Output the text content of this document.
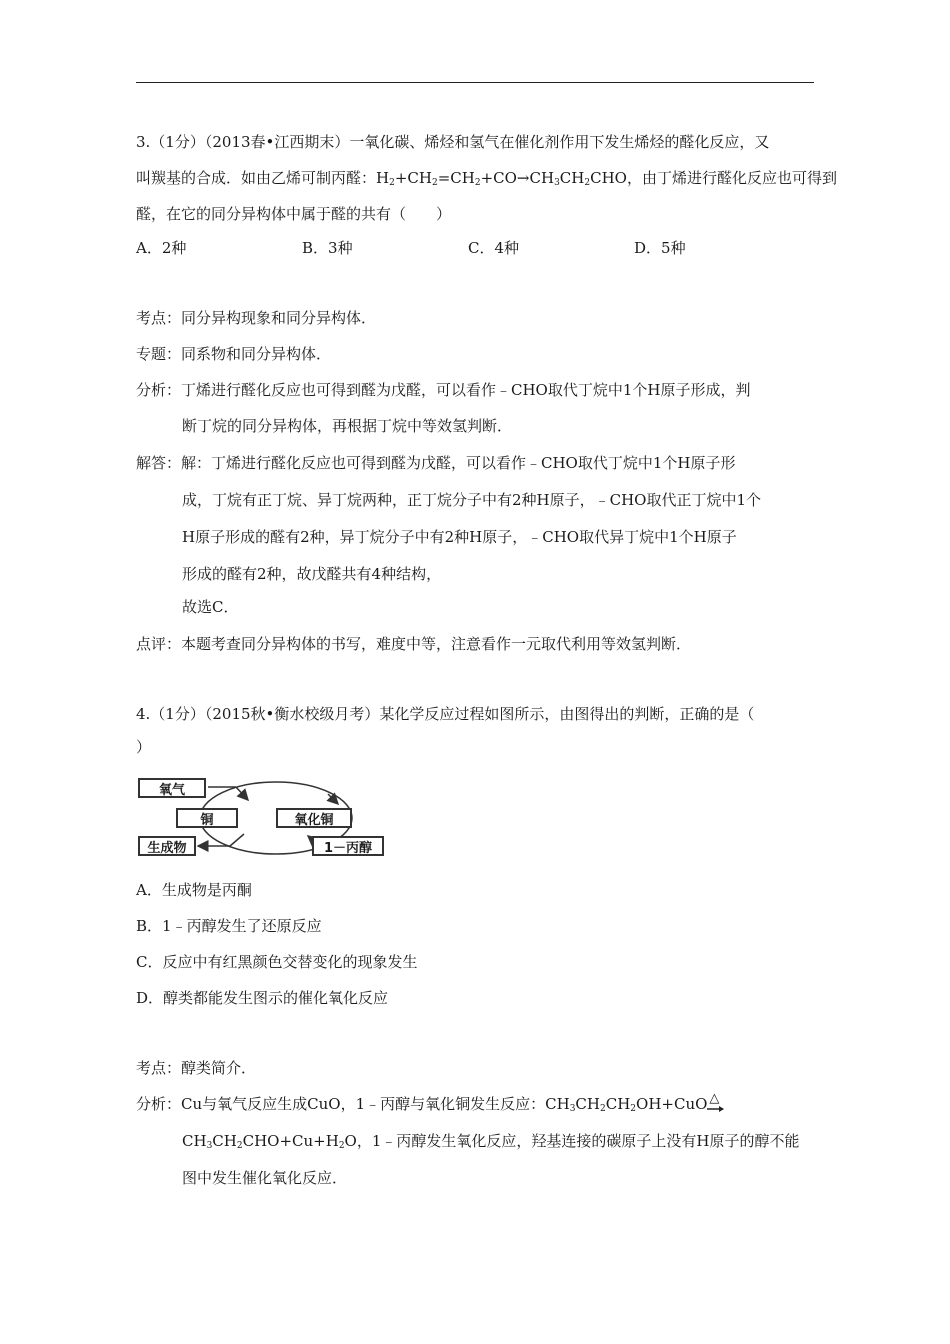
3.（1分）（2013春•江西期末）一氧化碳、烯烃和氢气在催化剂作用下发生烯烃的醛化反应，又
叫羰基的合成．如由乙烯可制丙醛：H2+CH2=CH2+CO→CH3CH2CHO，由丁烯进行醛化反应也可得到
醛，在它的同分异构体中属于醛的共有（　　）
A．2种	B．3种	C．4种	D．5种
考点：同分异构现象和同分异构体．
专题：同系物和同分异构体．
分析：丁烯进行醛化反应也可得到醛为戊醛，可以看作﹣CHO取代丁烷中1个H原子形成，判
断丁烷的同分异构体，再根据丁烷中等效氢判断．
解答：解：丁烯进行醛化反应也可得到醛为戊醛，可以看作﹣CHO取代丁烷中1个H原子形
成，丁烷有正丁烷、异丁烷两种，正丁烷分子中有2种H原子，﹣CHO取代正丁烷中1个
H原子形成的醛有2种，异丁烷分子中有2种H原子，﹣CHO取代异丁烷中1个H原子
形成的醛有2种，故戊醛共有4种结构，
故选C．
点评：本题考查同分异构体的书写，难度中等，注意看作一元取代利用等效氢判断．
4.（1分）（2015秋•衡水校级月考）某化学反应过程如图所示，由图得出的判断，正确的是（
）
氧气
铜	氧化铜
生成物	1－丙醇
A．生成物是丙酮
B．1﹣丙醇发生了还原反应
C．反应中有红黑颜色交替变化的现象发生
D．醇类都能发生图示的催化氧化反应
考点：醇类简介．
分析：Cu与氧气反应生成CuO，1﹣丙醇与氧化铜发生反应：CH3CH2CH2OH+CuO △
CH3CH2CHO+Cu+H2O，1﹣丙醇发生氧化反应，羟基连接的碳原子上没有H原子的醇不能
图中发生催化氧化反应．
